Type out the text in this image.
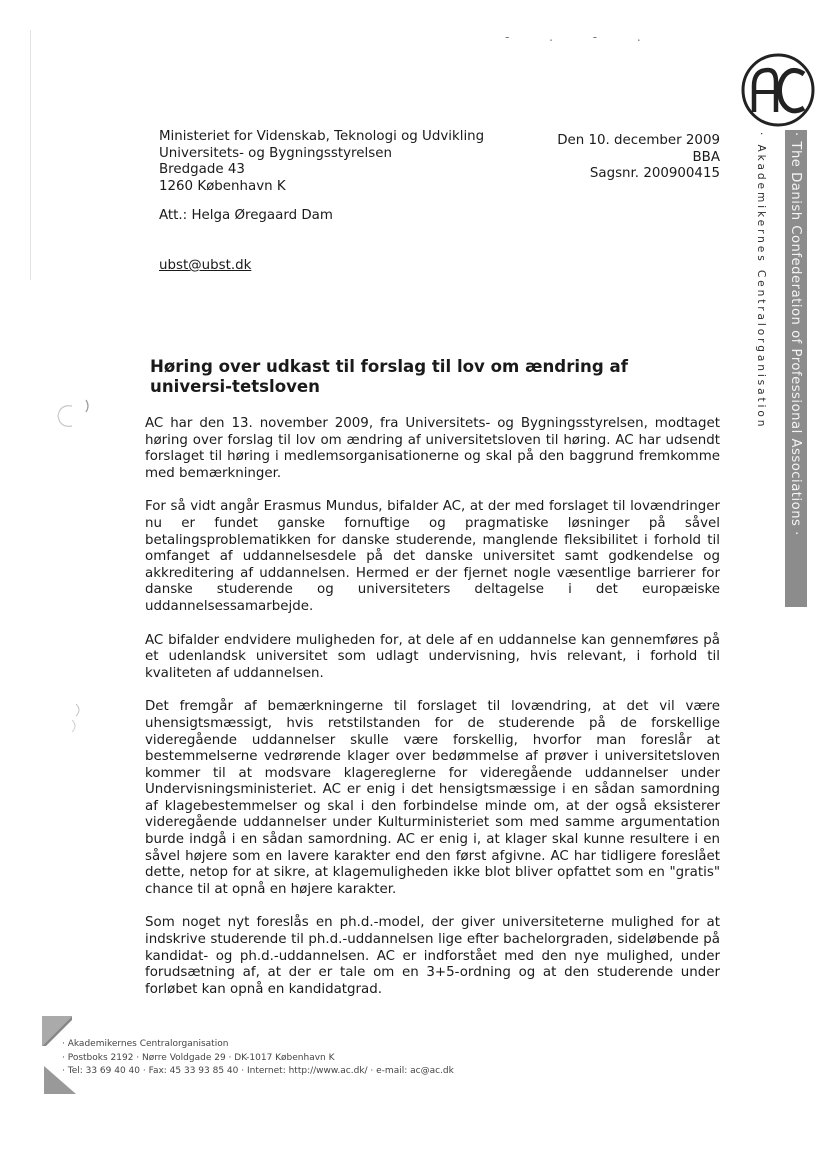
- . - .
· The Danish Confederation of Professional Associations ·
· Akademikernes Centralorganisation
Ministeriet for Videnskab, Teknologi og Udvikling
Universitets- og Bygningsstyrelsen
Bredgade 43
1260 København K
Den 10. december 2009
BBA
Sagsnr. 200900415
Att.: Helga Øregaard Dam
ubst@ubst.dk
Høring over udkast til forslag til lov om ændring af universi-tetsloven

AC har den 13. november 2009, fra Universitets- og Bygningsstyrelsen, modtaget høring over forslag til lov om ændring af universitetsloven til høring. AC har udsendt forslaget til høring i medlemsorganisationerne og skal på den baggrund fremkomme med bemærkninger.

For så vidt angår Erasmus Mundus, bifalder AC, at der med forslaget til lovændringer nu er fundet ganske fornuftige og pragmatiske løsninger på såvel betalingsproblematikken for danske studerende, manglende fleksibilitet i forhold til omfanget af uddannelsesdele på det danske universitet samt godkendelse og akkreditering af uddannelsen. Hermed er der fjernet nogle væsentlige barrierer for danske studerende og universiteters deltagelse i det europæiske uddannelsessamarbejde.

AC bifalder endvidere muligheden for, at dele af en uddannelse kan gennemføres på et udenlandsk universitet som udlagt undervisning, hvis relevant, i forhold til kvaliteten af uddannelsen.

Det fremgår af bemærkningerne til forslaget til lovændring, at det vil være uhensigtsmæssigt, hvis retstilstanden for de studerende på de forskellige videregående uddannelser skulle være forskellig, hvorfor man foreslår at bestemmelserne vedrørende klager over bedømmelse af prøver i universitetsloven kommer til at modsvare klagereglerne for videregående uddannelser under Undervisningsministeriet. AC er enig i det hensigtsmæssige i en sådan samordning af klagebestemmelser og skal i den forbindelse minde om, at der også eksisterer videregående uddannelser under Kulturministeriet som med samme argumentation burde indgå i en sådan samordning. AC er enig i, at klager skal kunne resultere i en såvel højere som en lavere karakter end den først afgivne. AC har tidligere foreslået dette, netop for at sikre, at klagemuligheden ikke blot bliver opfattet som en "gratis" chance til at opnå en højere karakter.

Som noget nyt foreslås en ph.d.-model, der giver universiteterne mulighed for at indskrive studerende til ph.d.-uddannelsen lige efter bachelorgraden, sideløbende på kandidat- og ph.d.-uddannelsen. AC er indforstået med den nye mulighed, under forudsætning af, at der er tale om en 3+5-ordning og at den studerende under forløbet kan opnå en kandidatgrad.

· Akademikernes Centralorganisation
· Postboks 2192 · Nørre Voldgade 29 · DK-1017 København K
· Tel: 33 69 40 40 · Fax: 45 33 93 85 40 · Internet: http://www.ac.dk/ · e-mail: ac@ac.dk
